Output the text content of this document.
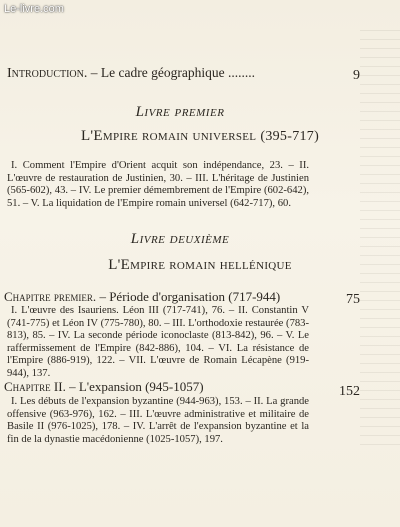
Le-livre.com
Introduction. – Le cadre géographique ........	9
Livre premier
L'Empire romain universel (395-717)
I. Comment l'Empire d'Orient acquit son indépendance, 23. – II. L'œuvre de restauration de Justinien, 30. – III. L'héritage de Justinien (565-602), 43. – IV. Le premier démembrement de l'Empire (602-642), 51. – V. La liquidation de l'Empire romain universel (642-717), 60.
Livre deuxième
L'Empire romain hellénique
Chapitre premier. – Période d'organisation (717-944)	75
I. L'œuvre des Isauriens. Léon III (717-741), 76. – II. Constantin V (741-775) et Léon IV (775-780), 80. – III. L'orthodoxie restaurée (783-813), 85. – IV. La seconde période iconoclaste (813-842), 96. – V. Le raffermissement de l'Empire (842-886), 104. – VI. La résistance de l'Empire (886-919), 122. – VII. L'œuvre de Romain Lécapène (919-944), 137.
Chapitre II. – L'expansion (945-1057)	152
I. Les débuts de l'expansion byzantine (944-963), 153. – II. La grande offensive (963-976), 162. – III. L'œuvre administrative et militaire de Basile II (976-1025), 178. – IV. L'arrêt de l'expansion byzantine et la fin de la dynastie macédonienne (1025-1057), 197.
